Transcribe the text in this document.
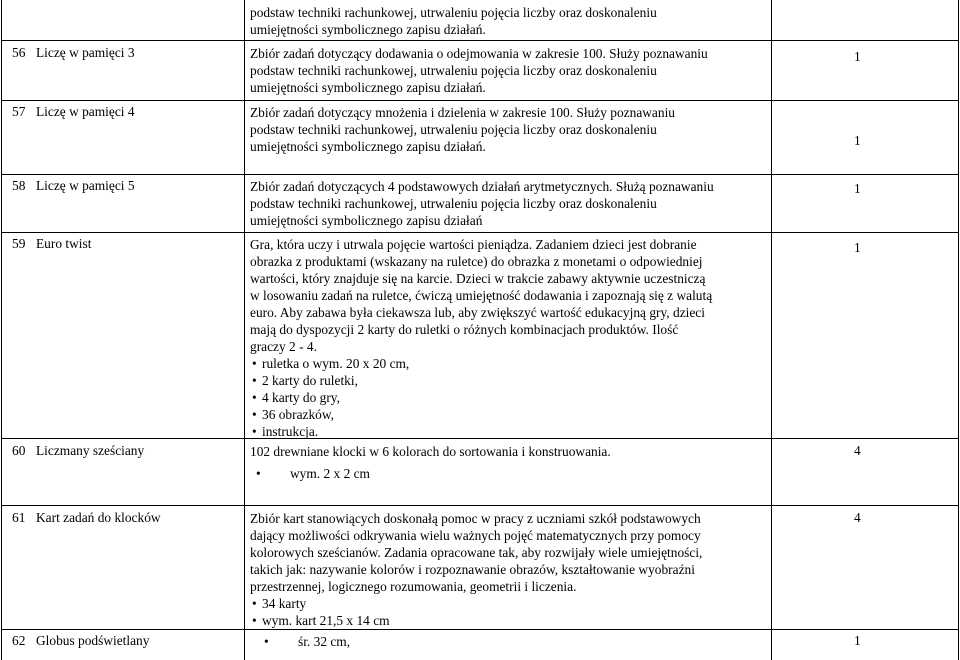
podstaw techniki rachunkowej, utrwaleniu pojęcia liczby oraz doskonaleniu

umiejętności symbolicznego zapisu działań.

56 Liczę w pamięci 3	Zbiór zadań dotyczący dodawania o odejmowania w zakresie 100. Służy poznawaniu

podstaw techniki rachunkowej, utrwaleniu pojęcia liczby oraz doskonaleniu

umiejętności symbolicznego zapisu działań.

1
57 Liczę w pamięci 4	Zbiór zadań dotyczący mnożenia i dzielenia w zakresie 100. Służy poznawaniu

podstaw techniki rachunkowej, utrwaleniu pojęcia liczby oraz doskonaleniu

umiejętności symbolicznego zapisu działań.	1
58 Liczę w pamięci 5	Zbiór zadań dotyczących 4 podstawowych działań arytmetycznych. Służą poznawaniu

podstaw techniki rachunkowej, utrwaleniu pojęcia liczby oraz doskonaleniu

umiejętności symbolicznego zapisu działań

1
59 Euro twist	Gra, która uczy i utrwala pojęcie wartości pieniądza. Zadaniem dzieci jest dobranie

obrazka z produktami (wskazany na ruletce) do obrazka z monetami o odpowiedniej

wartości, który znajduje się na karcie. Dzieci w trakcie zabawy aktywnie uczestniczą

w losowaniu zadań na ruletce, ćwiczą umiejętność dodawania i zapoznają się z walutą

euro. Aby zabawa była ciekawsza lub, aby zwiększyć wartość edukacyjną gry, dzieci

mają do dyspozycji 2 karty do ruletki o różnych kombinacjach produktów. Ilość

graczy 2 - 4.

• ruletka o wym. 20 x 20 cm,
• 2 karty do ruletki,
• 4 karty do gry,
• 36 obrazków,
• instrukcja.
1
60 Liczmany sześciany	102 drewniane klocki w 6 kolorach do sortowania i konstruowania.

• wym. 2 x 2 cm
4
61 Kart zadań do klocków	Zbiór kart stanowiących doskonałą pomoc w pracy z uczniami szkół podstawowych

dający możliwości odkrywania wielu ważnych pojęć matematycznych przy pomocy

kolorowych sześcianów. Zadania opracowane tak, aby rozwijały wiele umiejętności,

takich jak: nazywanie kolorów i rozpoznawanie obrazów, kształtowanie wyobraźni

przestrzennej, logicznego rozumowania, geometrii i liczenia.

• 34 karty
• wym. kart 21,5 x 14 cm
4
62 Globus podświetlany
•	śr. 32 cm,	1
